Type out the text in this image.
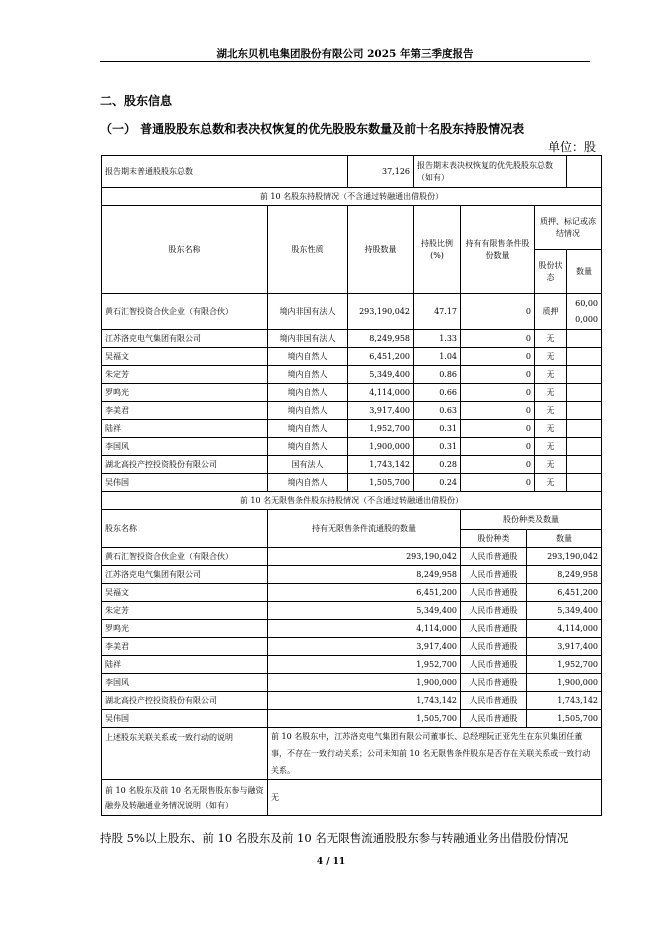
湖北东贝机电集团股份有限公司 2025 年第三季度报告
二、股东信息
（一） 普通股股东总数和表决权恢复的优先股股东数量及前十名股东持股情况表
单位：股
报告期末普通股股东总数		37,126	报告期末表决权恢复的优先股股东总数（如有）			
前 10 名股东持股情况（不含通过转融通出借股份）						
股东名称	股东性质	持股数量	持股比例(%)	持有有限售条件股份数量	质押、标记或冻结情况	
					股份状态	数量
黄石汇智投资合伙企业（有限合伙）	境内非国有法人	293,190,042	47.17	0	质押	60,000,000
江苏洛克电气集团有限公司	境内非国有法人	8,249,958	1.33	0	无	
吴福文	境内自然人	6,451,200	1.04	0	无	
朱定芳	境内自然人	5,349,400	0.86	0	无	
罗鸣光	境内自然人	4,114,000	0.66	0	无	
李美君	境内自然人	3,917,400	0.63	0	无	
陆祥	境内自然人	1,952,700	0.31	0	无	
李国风	境内自然人	1,900,000	0.31	0	无	
湖北高投产控投资股份有限公司	国有法人	1,743,142	0.28	0	无	
吴伟国	境内自然人	1,505,700	0.24	0	无	
前 10 名无限售条件股东持股情况（不含通过转融通出借股份）						
股东名称	持有无限售条件流通股的数量	股份种类及数量	
		股份种类	数量
黄石汇智投资合伙企业（有限合伙）	293,190,042	人民币普通股	293,190,042
江苏洛克电气集团有限公司	8,249,958	人民币普通股	8,249,958
吴福文	6,451,200	人民币普通股	6,451,200
朱定芳	5,349,400	人民币普通股	5,349,400
罗鸣光	4,114,000	人民币普通股	4,114,000
李美君	3,917,400	人民币普通股	3,917,400
陆祥	1,952,700	人民币普通股	1,952,700
李国风	1,900,000	人民币普通股	1,900,000
湖北高投产控投资股份有限公司	1,743,142	人民币普通股	1,743,142
吴伟国	1,505,700	人民币普通股	1,505,700
上述股东关联关系或一致行动的说明	前 10 名股东中，江苏洛克电气集团有限公司董事长、总经理阮正亚先生在东贝集团任董事，不存在一致行动关系；公司未知前 10 名无限售条件股东是否存在关联关系或一致行动关系。		
前 10 名股东及前 10 名无限售股东参与融资融券及转融通业务情况说明（如有）	无		
持股 5%以上股东、前 10 名股东及前 10 名无限售流通股股东参与转融通业务出借股份情况
4 / 11
